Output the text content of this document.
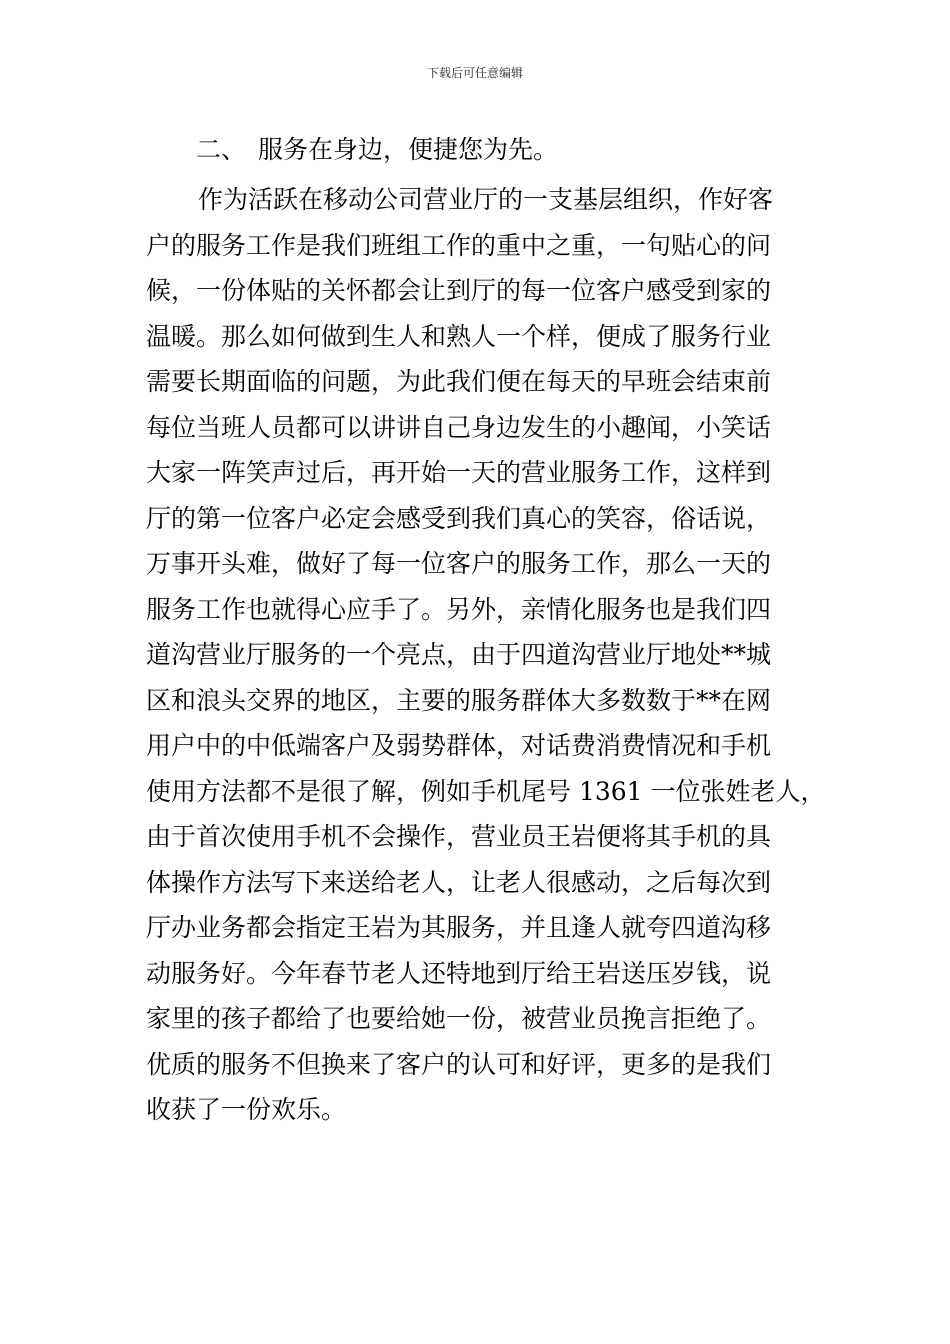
下载后可任意编辑
二、 服务在身边，便捷您为先。
作为活跃在移动公司营业厅的一支基层组织，作好客
户的服务工作是我们班组工作的重中之重，一句贴心的问
候，一份体贴的关怀都会让到厅的每一位客户感受到家的
温暖。那么如何做到生人和熟人一个样，便成了服务行业
需要长期面临的问题，为此我们便在每天的早班会结束前
每位当班人员都可以讲讲自己身边发生的小趣闻，小笑话
大家一阵笑声过后，再开始一天的营业服务工作，这样到
厅的第一位客户必定会感受到我们真心的笑容，俗话说，
万事开头难，做好了每一位客户的服务工作，那么一天的
服务工作也就得心应手了。另外，亲情化服务也是我们四
道沟营业厅服务的一个亮点，由于四道沟营业厅地处**城
区和浪头交界的地区，主要的服务群体大多数数于**在网
用户中的中低端客户及弱势群体，对话费消费情况和手机
使用方法都不是很了解，例如手机尾号 1361 一位张姓老人，
由于首次使用手机不会操作，营业员王岩便将其手机的具
体操作方法写下来送给老人，让老人很感动，之后每次到
厅办业务都会指定王岩为其服务，并且逢人就夸四道沟移
动服务好。今年春节老人还特地到厅给王岩送压岁钱，说
家里的孩子都给了也要给她一份，被营业员挽言拒绝了。
优质的服务不但换来了客户的认可和好评，更多的是我们
收获了一份欢乐。
